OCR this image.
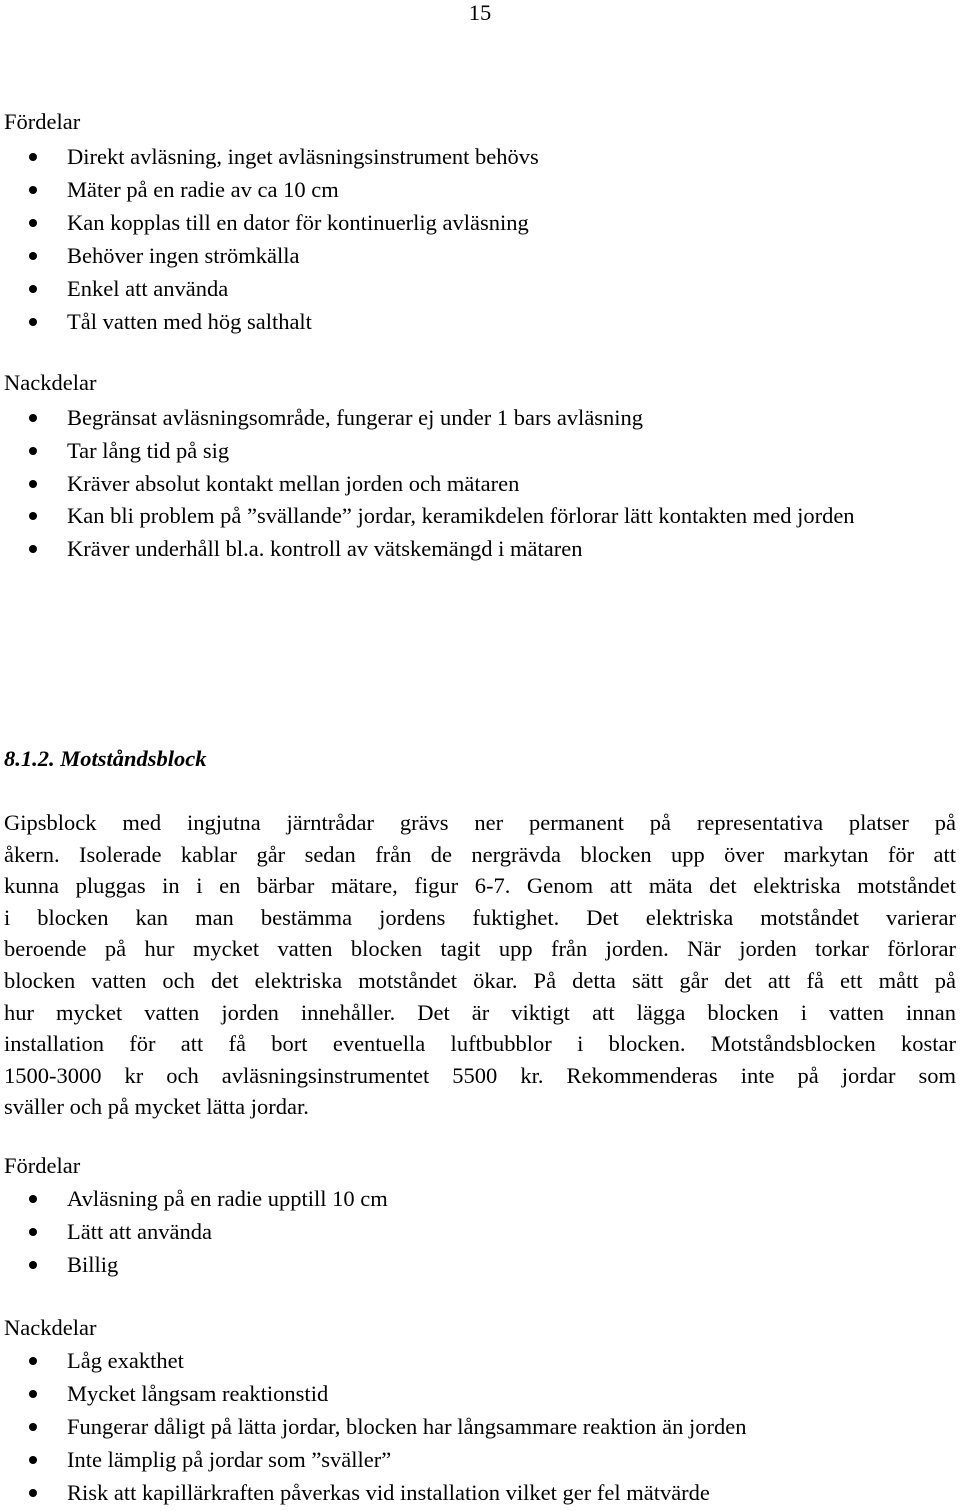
15
Fördelar
Direkt avläsning, inget avläsningsinstrument behövs
Mäter på en radie av ca 10 cm
Kan kopplas till en dator för kontinuerlig avläsning
Behöver ingen strömkälla
Enkel att använda
Tål vatten med hög salthalt
Nackdelar
Begränsat avläsningsområde, fungerar ej under 1 bars avläsning
Tar lång tid på sig
Kräver absolut kontakt mellan jorden och mätaren
Kan bli problem på ”svällande” jordar, keramikdelen förlorar lätt kontakten med jorden
Kräver underhåll bl.a. kontroll av vätskemängd i mätaren
8.1.2. Motståndsblock
Gipsblock med ingjutna järntrådar grävs ner permanent på representativa platser på
åkern. Isolerade kablar går sedan från de nergrävda blocken upp över markytan för att
kunna pluggas in i en bärbar mätare, figur 6-7. Genom att mäta det elektriska motståndet
i blocken kan man bestämma jordens fuktighet. Det elektriska motståndet varierar
beroende på hur mycket vatten blocken tagit upp från jorden. När jorden torkar förlorar
blocken vatten och det elektriska motståndet ökar. På detta sätt går det att få ett mått på
hur mycket vatten jorden innehåller. Det är viktigt att lägga blocken i vatten innan
installation för att få bort eventuella luftbubblor i blocken. Motståndsblocken kostar
1500-3000 kr och avläsningsinstrumentet 5500 kr. Rekommenderas inte på jordar som
sväller och på mycket lätta jordar.
Fördelar
Avläsning på en radie upptill 10 cm
Lätt att använda
Billig
Nackdelar
Låg exakthet
Mycket långsam reaktionstid
Fungerar dåligt på lätta jordar, blocken har långsammare reaktion än jorden
Inte lämplig på jordar som ”sväller”
Risk att kapillärkraften påverkas vid installation vilket ger fel mätvärde
